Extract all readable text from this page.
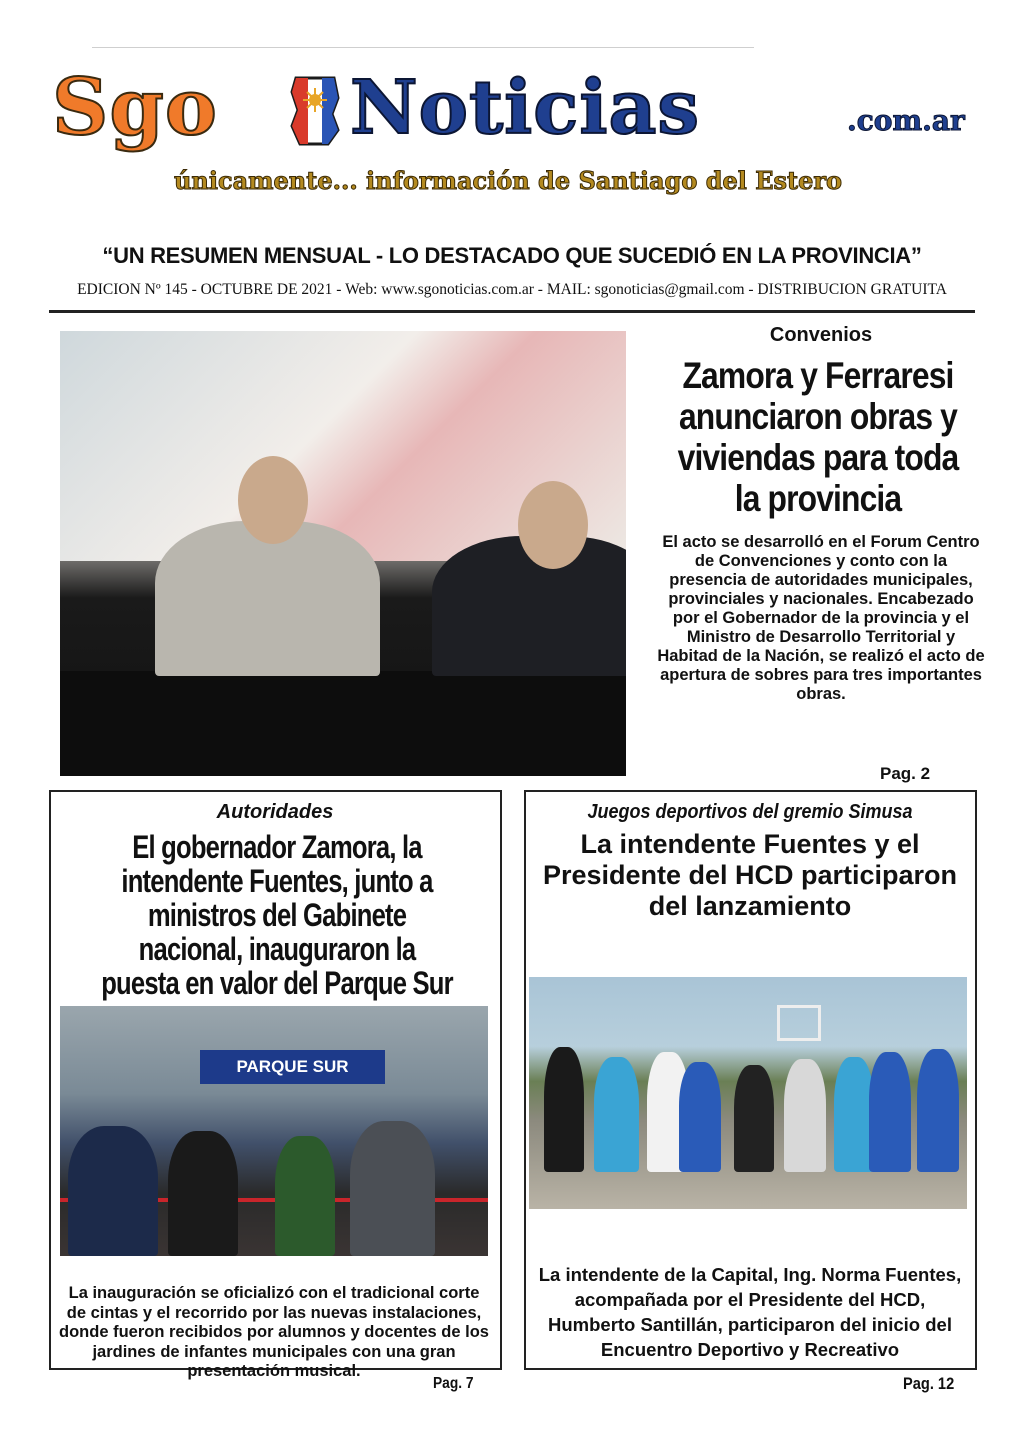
Sgo Noticias	.com.ar
únicamente... información de Santiago del Estero
“UN RESUMEN MENSUAL - LO DESTACADO QUE SUCEDIÓ EN LA PROVINCIA”
EDICION Nº 145 - OCTUBRE DE 2021 - Web: www.sgonoticias.com.ar - MAIL: sgonoticias@gmail.com - DISTRIBUCION GRATUITA
Convenios
Zamora y Ferraresi anunciaron obras y viviendas para toda la provincia
El acto se desarrolló en el Forum Centro de Convenciones y conto con la presencia de autoridades municipales, provinciales y nacionales. Encabezado por el Gobernador de la provincia y el Ministro de Desarrollo Territorial y Habitad de la Nación, se realizó el acto de apertura de sobres para tres importantes obras.
Pag. 2
Autoridades
El gobernador Zamora, la intendente Fuentes, junto a ministros del Gabinete nacional, inauguraron la puesta en valor del Parque Sur
PARQUE SUR
La inauguración se oficializó con el tradicional corte de cintas y el recorrido por las nuevas instalaciones, donde fueron recibidos por alumnos y docentes de los jardines de infantes municipales con una gran presentación musical.
Pag. 7
Juegos deportivos del gremio Simusa
La intendente Fuentes y el Presidente del HCD participaron del lanzamiento
La intendente de la Capital, Ing. Norma Fuentes, acompañada por el Presidente del HCD, Humberto Santillán, participaron del inicio del Encuentro Deportivo y Recreativo
Pag. 12
